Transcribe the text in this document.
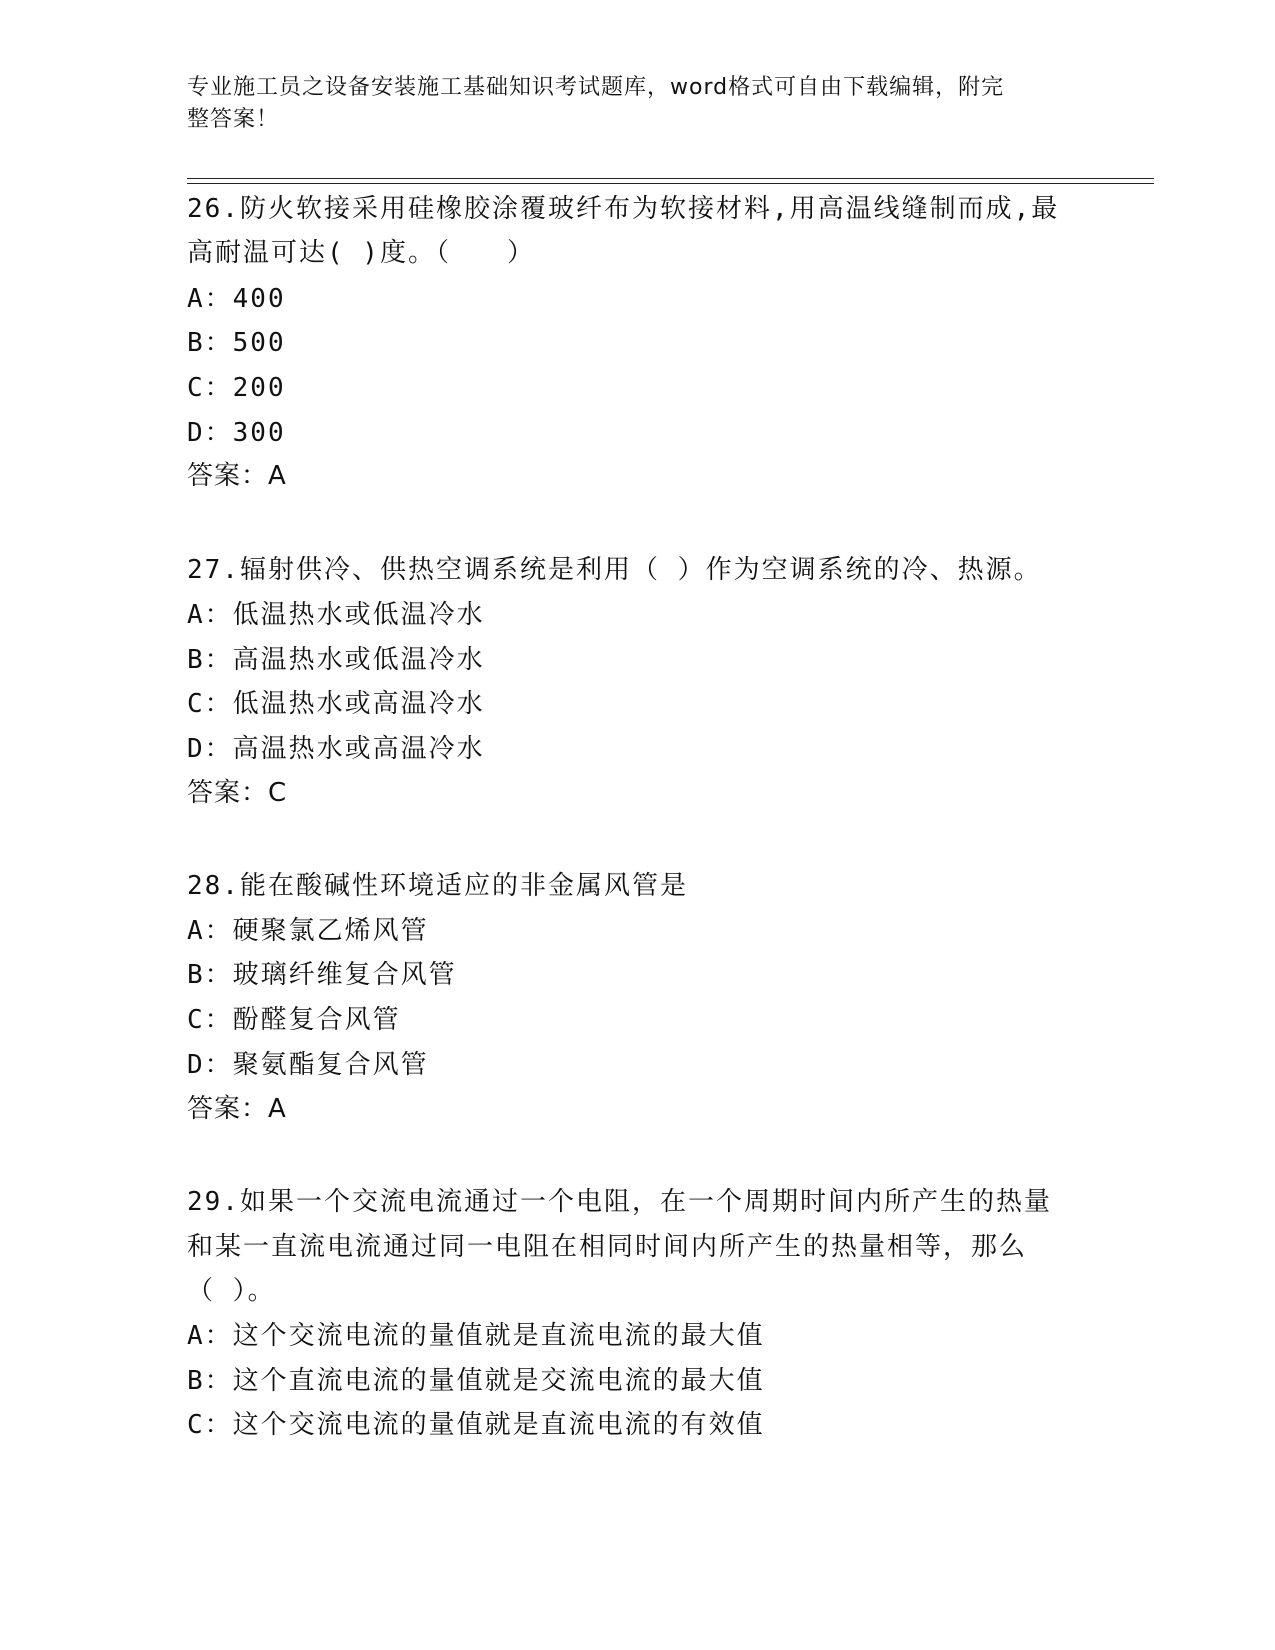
专业施工员之设备安装施工基础知识考试题库，word格式可自由下载编辑，附完
整答案！
26.防火软接采用硅橡胶涂覆玻纤布为软接材料,用高温线缝制而成,最
高耐温可达( )度。（　　）
A：400
B：500
C：200
D：300
答案：A
27.辐射供冷、供热空调系统是利用（ ）作为空调系统的冷、热源。
A：低温热水或低温冷水
B：高温热水或低温冷水
C：低温热水或高温冷水
D：高温热水或高温冷水
答案：C
28.能在酸碱性环境适应的非金属风管是
A：硬聚氯乙烯风管
B：玻璃纤维复合风管
C：酚醛复合风管
D：聚氨酯复合风管
答案：A
29.如果一个交流电流通过一个电阻，在一个周期时间内所产生的热量
和某一直流电流通过同一电阻在相同时间内所产生的热量相等，那么
（ ）。
A：这个交流电流的量值就是直流电流的最大值
B：这个直流电流的量值就是交流电流的最大值
C：这个交流电流的量值就是直流电流的有效值
